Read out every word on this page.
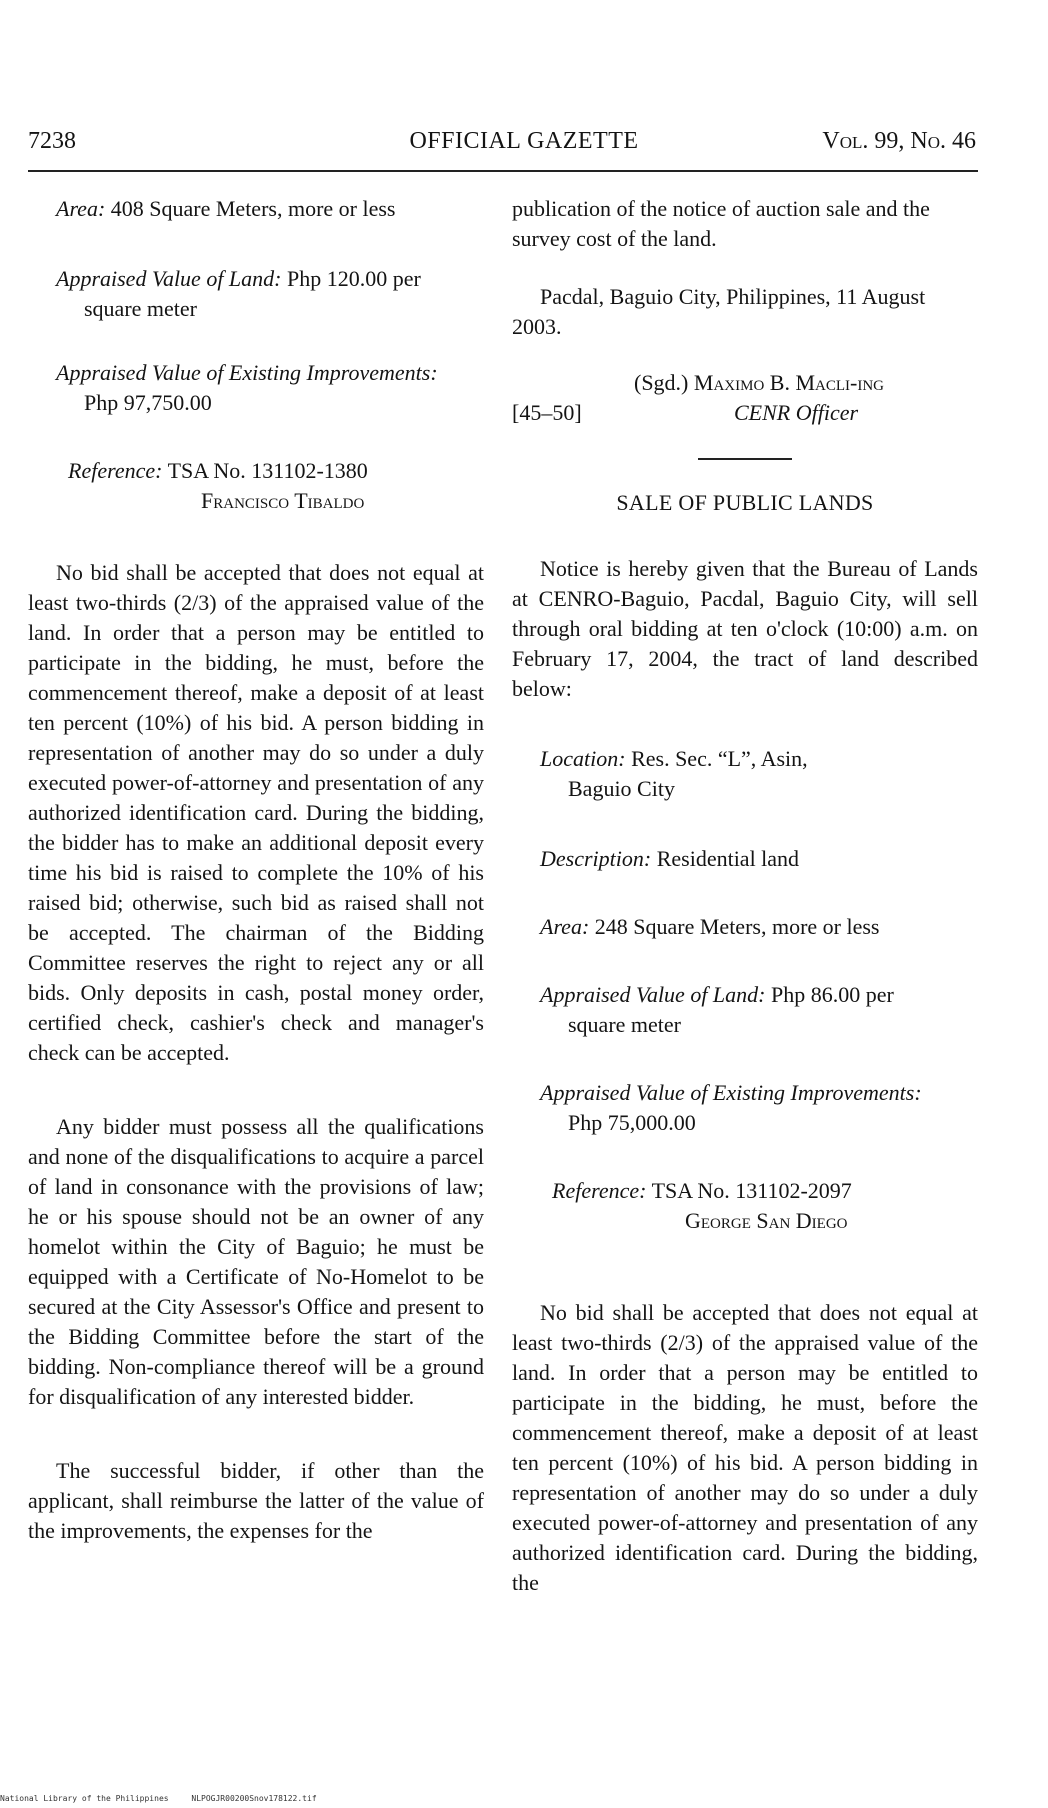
7238	OFFICIAL GAZETTE	Vol. 99, No. 46
Area: 408 Square Meters, more or less
Appraised Value of Land: Php 120.00 per
square meter
Appraised Value of Existing Improvements:
Php 97,750.00
Reference: TSA No. 131102-1380
Francisco Tibaldo

No bid shall be accepted that does not equal at least two-thirds (2/3) of the appraised value of the land. In order that a person may be entitled to participate in the bidding, he must, before the commencement thereof, make a deposit of at least ten percent (10%) of his bid. A person bidding in representation of another may do so under a duly executed power-of-attorney and presentation of any authorized identification card. During the bidding, the bidder has to make an additional deposit every time his bid is raised to complete the 10% of his raised bid; otherwise, such bid as raised shall not be accepted. The chairman of the Bidding Committee reserves the right to reject any or all bids. Only deposits in cash, postal money order, certified check, cashier's check and manager's check can be accepted.

Any bidder must possess all the qualifications and none of the disqualifications to acquire a parcel of land in consonance with the provisions of law; he or his spouse should not be an owner of any homelot within the City of Baguio; he must be equipped with a Certificate of No-Homelot to be secured at the City Assessor's Office and present to the Bidding Committee before the start of the bidding. Non-compliance thereof will be a ground for disqualification of any interested bidder.

The successful bidder, if other than the applicant, shall reimburse the latter of the value of the improvements, the expenses for the

publication of the notice of auction sale and the survey cost of the land.

Pacdal, Baguio City, Philippines, 11 August 2003.

(Sgd.) Maximo B. Macli-ing
[45–50]	CENR Officer
SALE OF PUBLIC LANDS

Notice is hereby given that the Bureau of Lands at CENRO-Baguio, Pacdal, Baguio City, will sell through oral bidding at ten o'clock (10:00) a.m. on February 17, 2004, the tract of land described below:

Location: Res. Sec. “L”, Asin,
Baguio City
Description: Residential land
Area: 248 Square Meters, more or less
Appraised Value of Land: Php 86.00 per
square meter
Appraised Value of Existing Improvements:
Php 75,000.00
Reference: TSA No. 131102-2097
George San Diego

No bid shall be accepted that does not equal at least two-thirds (2/3) of the appraised value of the land. In order that a person may be entitled to participate in the bidding, he must, before the commencement thereof, make a deposit of at least ten percent (10%) of his bid. A person bidding in representation of another may do so under a duly executed power-of-attorney and presentation of any authorized identification card. During the bidding, the

National Library of the Philippines	NLPOGJR00200Snov178122.tif
